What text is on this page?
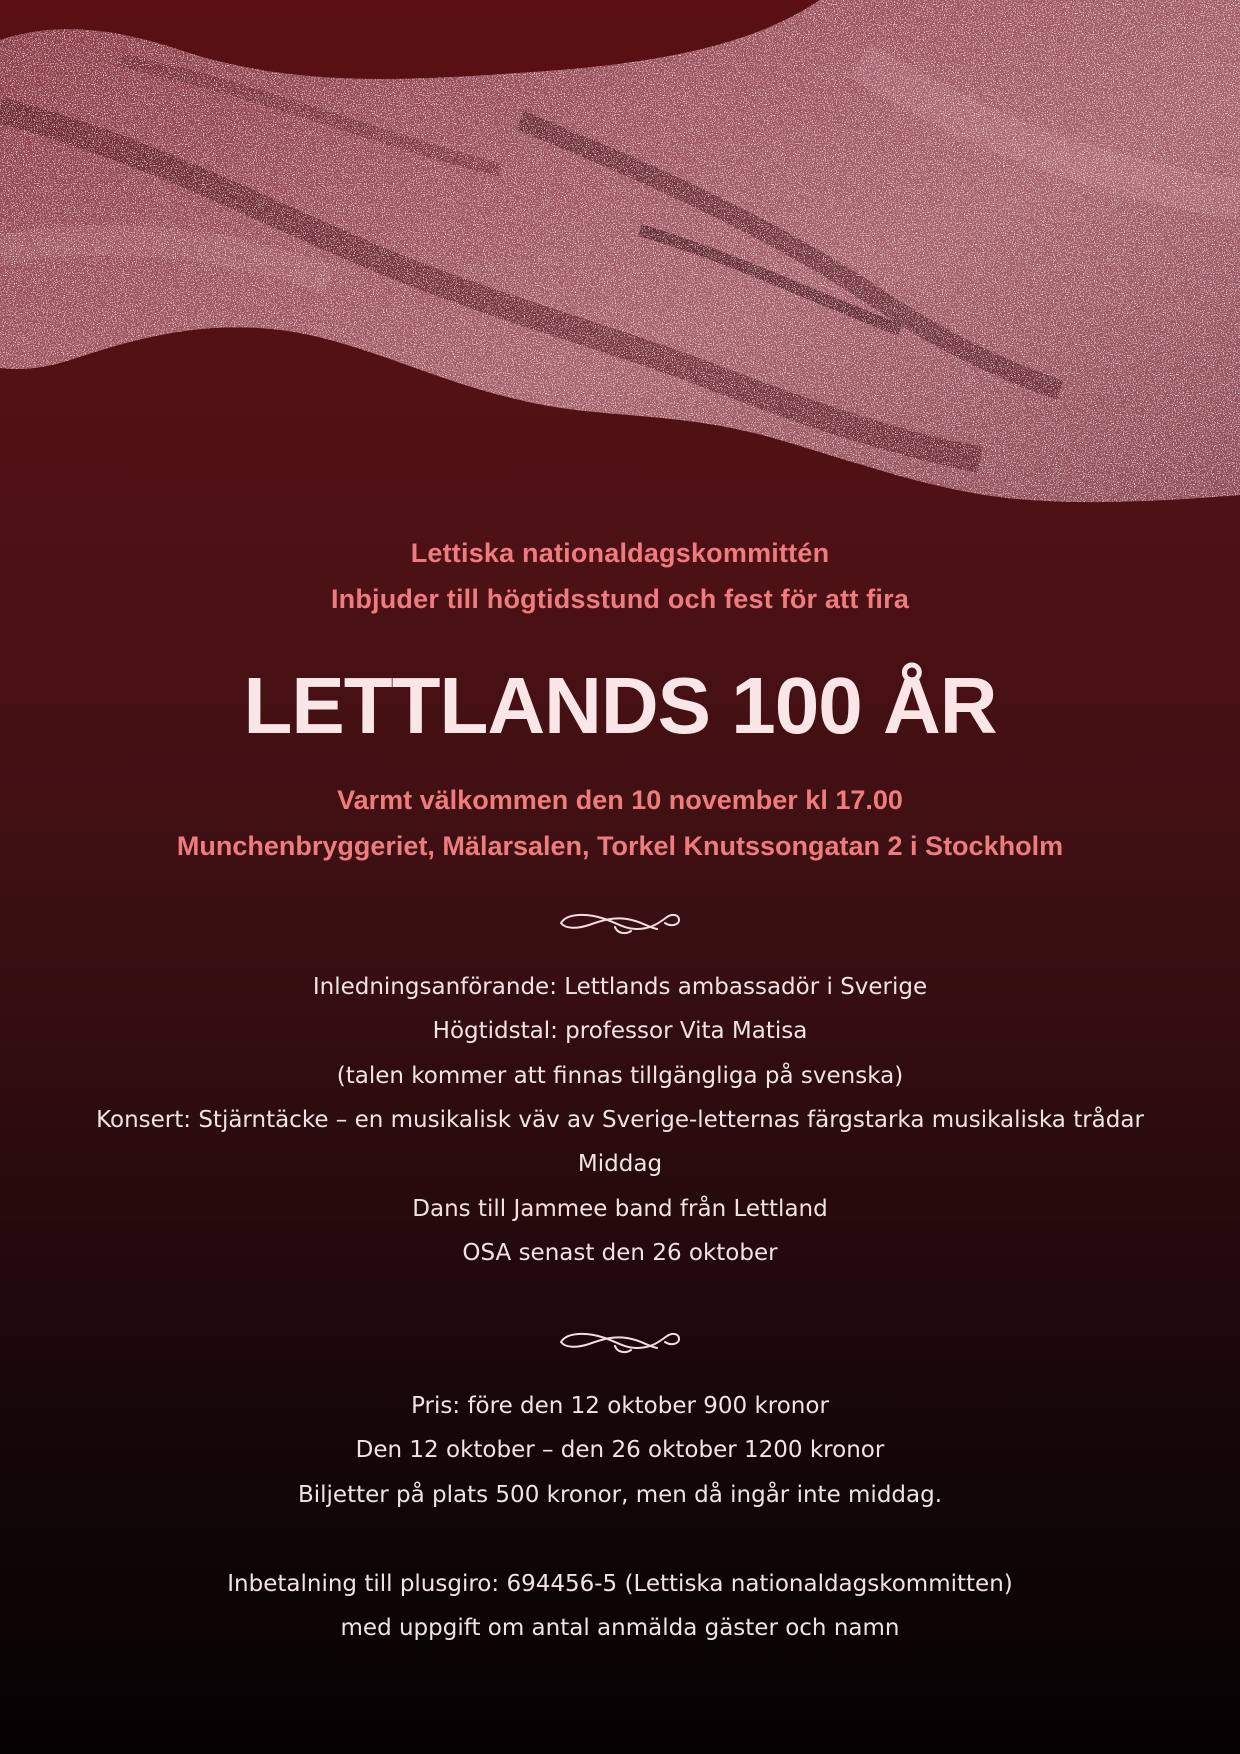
Lettiska nationaldagskommittén
Inbjuder till högtidsstund och fest för att fira
LETTLANDS 100 ÅR
Varmt välkommen den 10 november kl 17.00
Munchenbryggeriet, Mälarsalen, Torkel Knutssongatan 2 i Stockholm
Inledningsanförande: Lettlands ambassadör i Sverige
Högtidstal: professor Vita Matisa
(talen kommer att finnas tillgängliga på svenska)
Konsert: Stjärntäcke – en musikalisk väv av Sverige-letternas färgstarka musikaliska trådar
Middag
Dans till Jammee band från Lettland
OSA senast den 26 oktober
Pris: före den 12 oktober 900 kronor
Den 12 oktober – den 26 oktober 1200 kronor
Biljetter på plats 500 kronor, men då ingår inte middag.
Inbetalning till plusgiro: 694456-5 (Lettiska nationaldagskommitten)
med uppgift om antal anmälda gäster och namn
